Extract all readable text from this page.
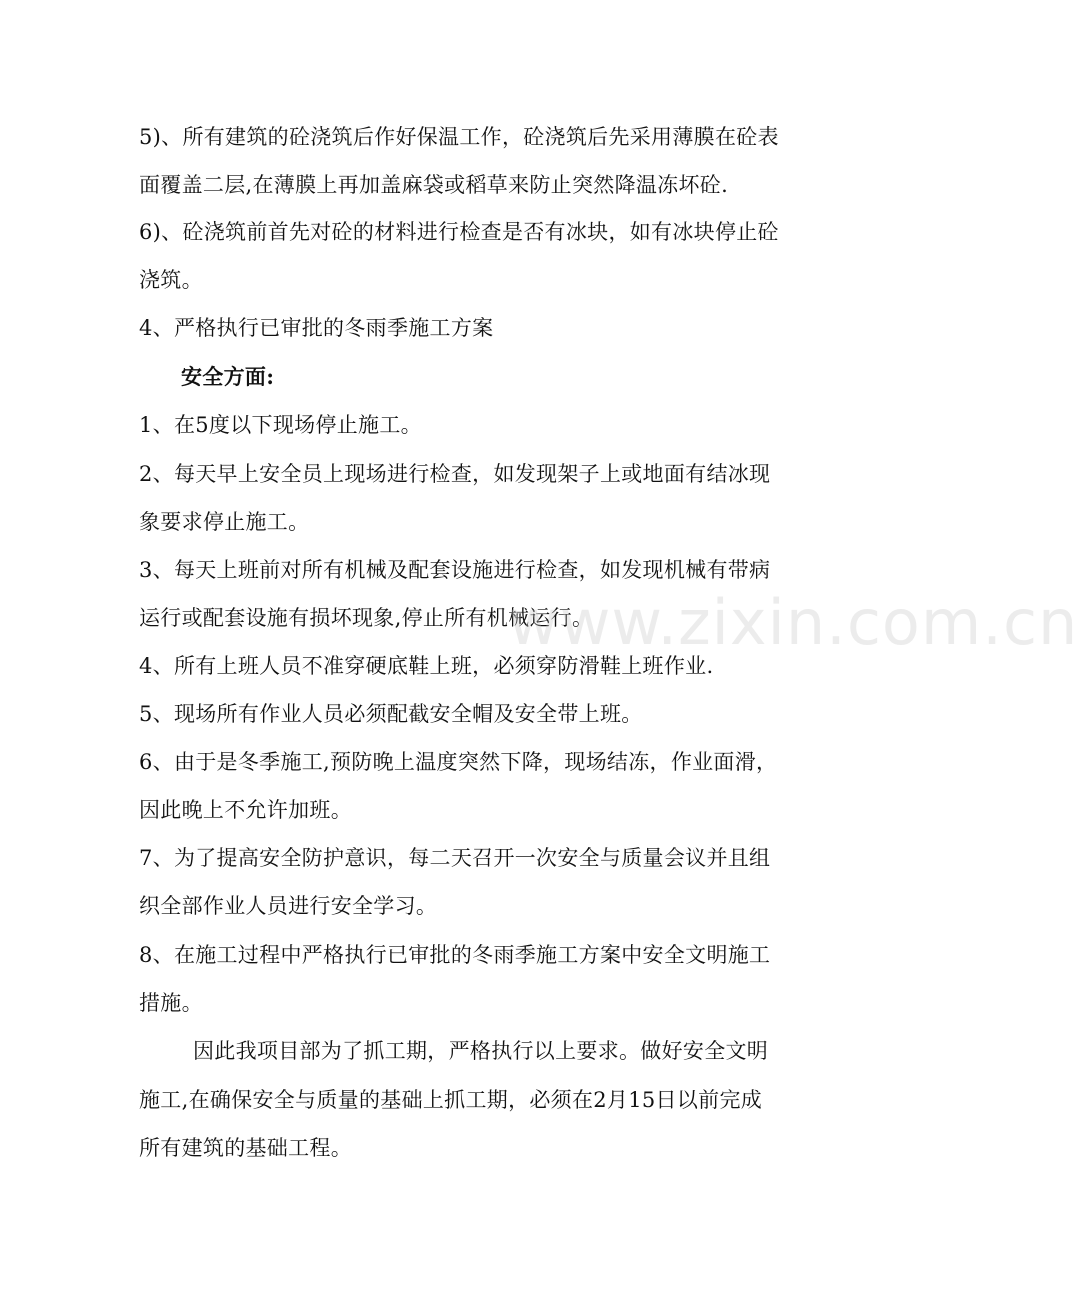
5)、所有建筑的砼浇筑后作好保温工作，砼浇筑后先采用薄膜在砼表
面覆盖二层,在薄膜上再加盖麻袋或稻草来防止突然降温冻坏砼.
6)、砼浇筑前首先对砼的材料进行检查是否有冰块，如有冰块停止砼
浇筑。
4、严格执行已审批的冬雨季施工方案
安全方面:
1、在5度以下现场停止施工。
2、每天早上安全员上现场进行检查，如发现架子上或地面有结冰现
象要求停止施工。
3、每天上班前对所有机械及配套设施进行检查，如发现机械有带病
运行或配套设施有损坏现象,停止所有机械运行。
4、所有上班人员不准穿硬底鞋上班，必须穿防滑鞋上班作业.
5、现场所有作业人员必须配截安全帽及安全带上班。
6、由于是冬季施工,预防晚上温度突然下降，现场结冻，作业面滑，
因此晚上不允许加班。
7、为了提高安全防护意识，每二天召开一次安全与质量会议并且组
织全部作业人员进行安全学习。
8、在施工过程中严格执行已审批的冬雨季施工方案中安全文明施工
措施。
因此我项目部为了抓工期，严格执行以上要求。做好安全文明
施工,在确保安全与质量的基础上抓工期，必须在2月15日以前完成
所有建筑的基础工程。
www.zixin.com.cn
